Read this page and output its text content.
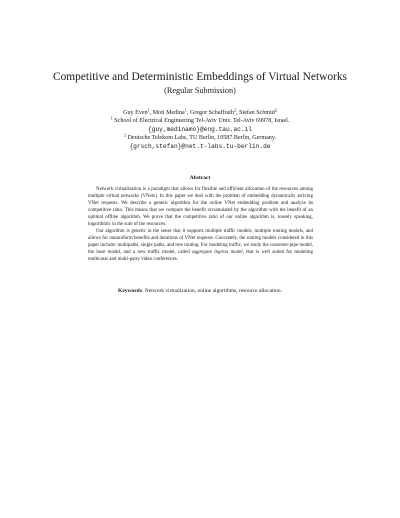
Competitive and Deterministic Embeddings of Virtual Networks
(Regular Submission)
Guy Even$^1$, Moti Medina$^1$, Gregor Schaffrath$^2$, Stefan Schmid$^2$
$^1$ School of Electrical Engineering Tel-Aviv Univ. Tel-Aviv 69978, Israel.
{guy,medinamo}@eng.tau.ac.il
$^2$ Deutsche Telekom Labs, TU Berlin, 10587 Berlin, Germany.
{grsch,stefan}@net.t-labs.tu-berlin.de
Abstract

Network virtualization is a paradigm that allows for flexible and efficient allocation of the resources among multiple virtual networks (VNets). In this paper we deal with the problem of embedding dynamically arriving VNet requests. We describe a generic algorithm for the online VNet embedding problem and analyze its competitive ratio. This means that we compare the benefit accumulated by the algorithm with the benefit of an optimal offline algorithm. We prove that the competitive ratio of our online algorithm is, loosely speaking, logarithmic in the sum of the resources.

Our algorithm is generic in the sense that it supports multiple traffic models, multiple routing models, and allows for nonuniform benefits and durations of VNet requests. Concretely, the routing models considered in this paper include: multipaths, single paths, and tree routing. For modeling traffic, we study the customer-pipe model, the hose model, and a new traffic model, called aggregate ingress model, that is well suited for modeling multicasts and multi-party video conferences.

Keywords: Network virtualization, online algorithms, resource allocation.
